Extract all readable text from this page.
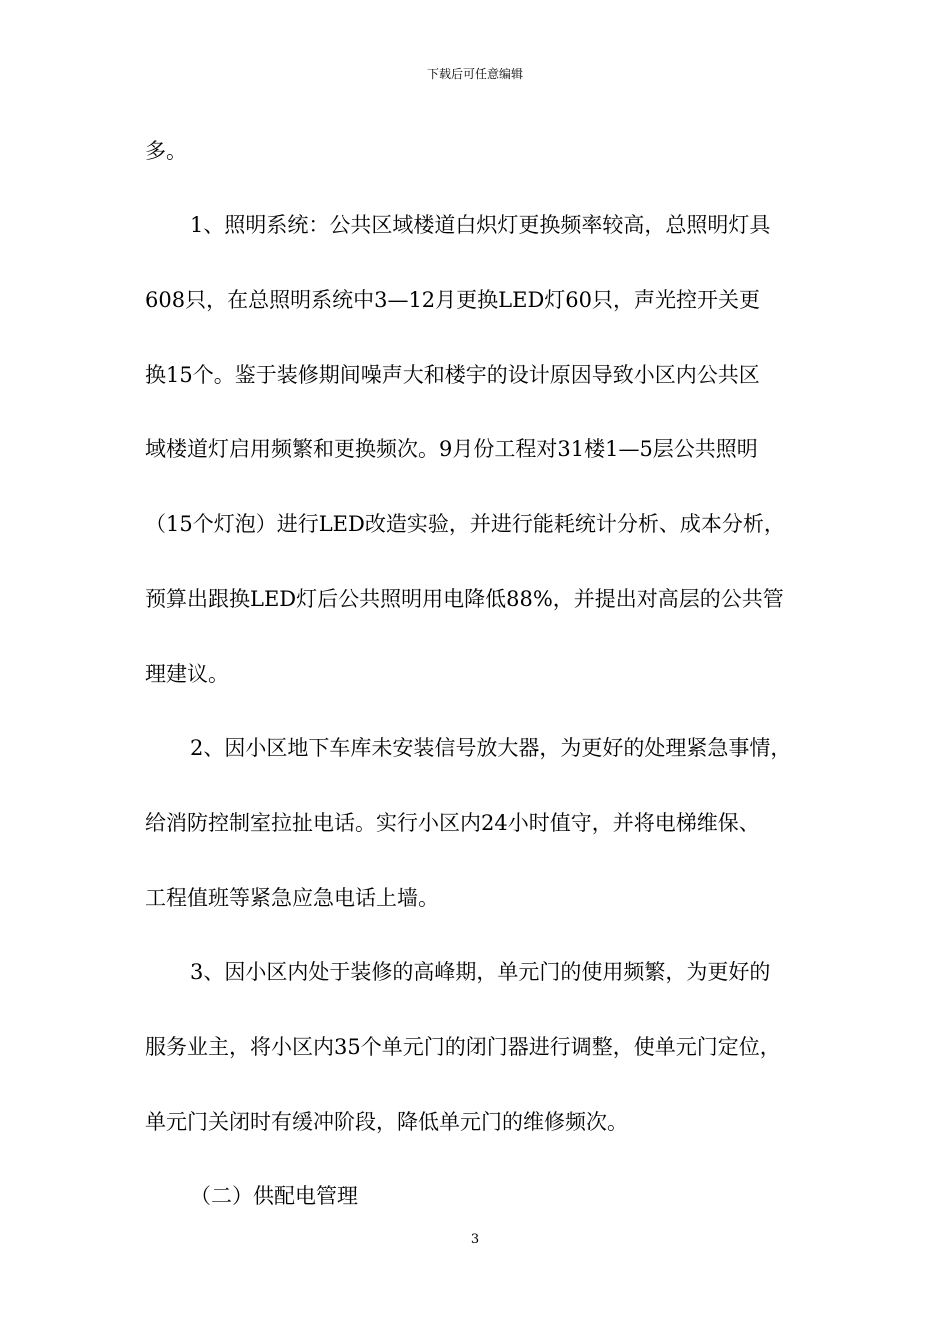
下载后可任意编辑
多。
1、照明系统：公共区域楼道白炽灯更换频率较高，总照明灯具
608只，在总照明系统中3—12月更换LED灯60只，声光控开关更
换15个。鉴于装修期间噪声大和楼宇的设计原因导致小区内公共区
域楼道灯启用频繁和更换频次。9月份工程对31楼1—5层公共照明
（15个灯泡）进行LED改造实验，并进行能耗统计分析、成本分析，
预算出跟换LED灯后公共照明用电降低88%，并提出对高层的公共管
理建议。
2、因小区地下车库未安装信号放大器，为更好的处理紧急事情，
给消防控制室拉扯电话。实行小区内24小时值守，并将电梯维保、
工程值班等紧急应急电话上墙。
3、因小区内处于装修的高峰期，单元门的使用频繁，为更好的
服务业主，将小区内35个单元门的闭门器进行调整，使单元门定位，
单元门关闭时有缓冲阶段，降低单元门的维修频次。
（二）供配电管理
3
